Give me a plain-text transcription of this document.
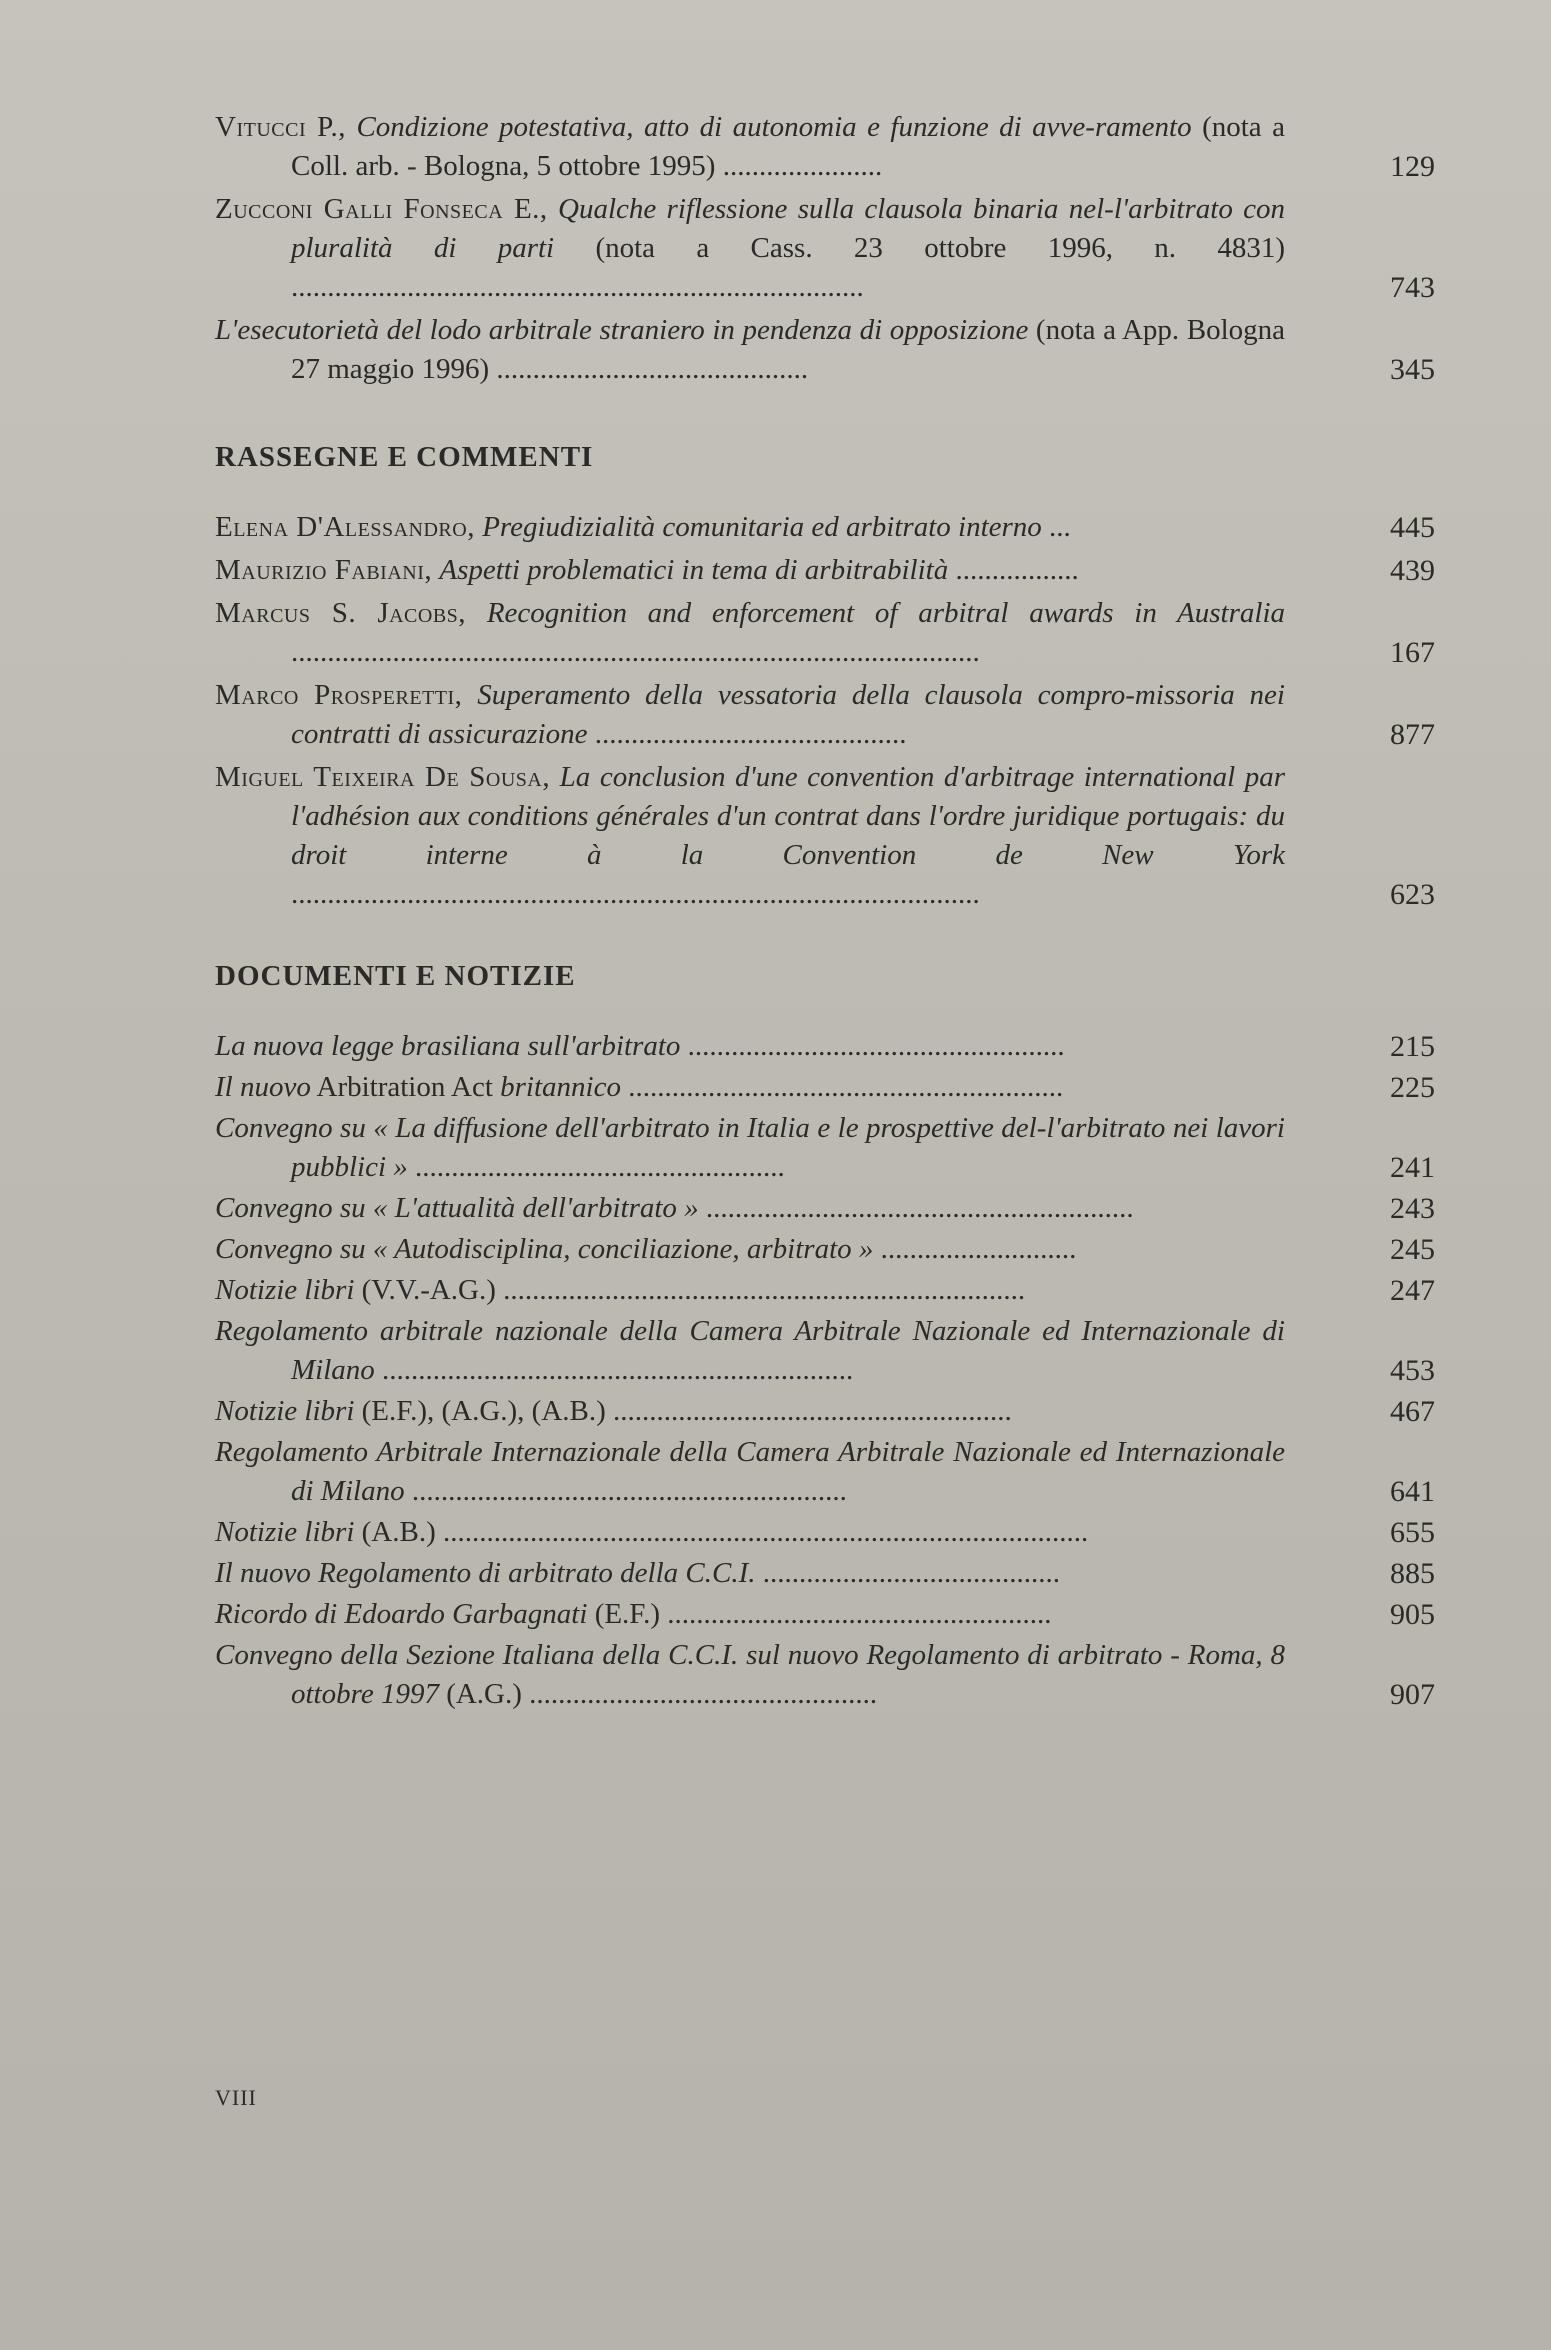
Vitucci P., Condizione potestativa, atto di autonomia e funzione di avve-ramento (nota a Coll. arb. - Bologna, 5 ottobre 1995) ......................	129
Zucconi Galli Fonseca E., Qualche riflessione sulla clausola binaria nel-l'arbitrato con pluralità di parti (nota a Cass. 23 ottobre 1996, n. 4831) ...............................................................................	743
L'esecutorietà del lodo arbitrale straniero in pendenza di opposizione (nota a App. Bologna 27 maggio 1996) ...........................................	345
RASSEGNE E COMMENTI
Elena D'Alessandro, Pregiudizialità comunitaria ed arbitrato interno ...	445
Maurizio Fabiani, Aspetti problematici in tema di arbitrabilità .................	439
Marcus S. Jacobs, Recognition and enforcement of arbitral awards in Australia ...............................................................................................	167
Marco Prosperetti, Superamento della vessatoria della clausola compro-missoria nei contratti di assicurazione ...........................................	877
Miguel Teixeira De Sousa, La conclusion d'une convention d'arbitrage international par l'adhésion aux conditions générales d'un contrat dans l'ordre juridique portugais: du droit interne à la Convention de New York ...............................................................................................	623
DOCUMENTI E NOTIZIE
La nuova legge brasiliana sull'arbitrato ....................................................	215
Il nuovo Arbitration Act britannico ............................................................	225
Convegno su « La diffusione dell'arbitrato in Italia e le prospettive del-l'arbitrato nei lavori pubblici » ...................................................	241
Convegno su « L'attualità dell'arbitrato » ...........................................................	243
Convegno su « Autodisciplina, conciliazione, arbitrato » ...........................	245
Notizie libri (V.V.-A.G.) ........................................................................	247
Regolamento arbitrale nazionale della Camera Arbitrale Nazionale ed Internazionale di Milano .................................................................	453
Notizie libri (E.F.), (A.G.), (A.B.) .......................................................	467
Regolamento Arbitrale Internazionale della Camera Arbitrale Nazionale ed Internazionale di Milano ............................................................	641
Notizie libri (A.B.) .........................................................................................	655
Il nuovo Regolamento di arbitrato della C.C.I. .........................................	885
Ricordo di Edoardo Garbagnati (E.F.) .....................................................	905
Convegno della Sezione Italiana della C.C.I. sul nuovo Regolamento di arbitrato - Roma, 8 ottobre 1997 (A.G.) ................................................	907
VIII
